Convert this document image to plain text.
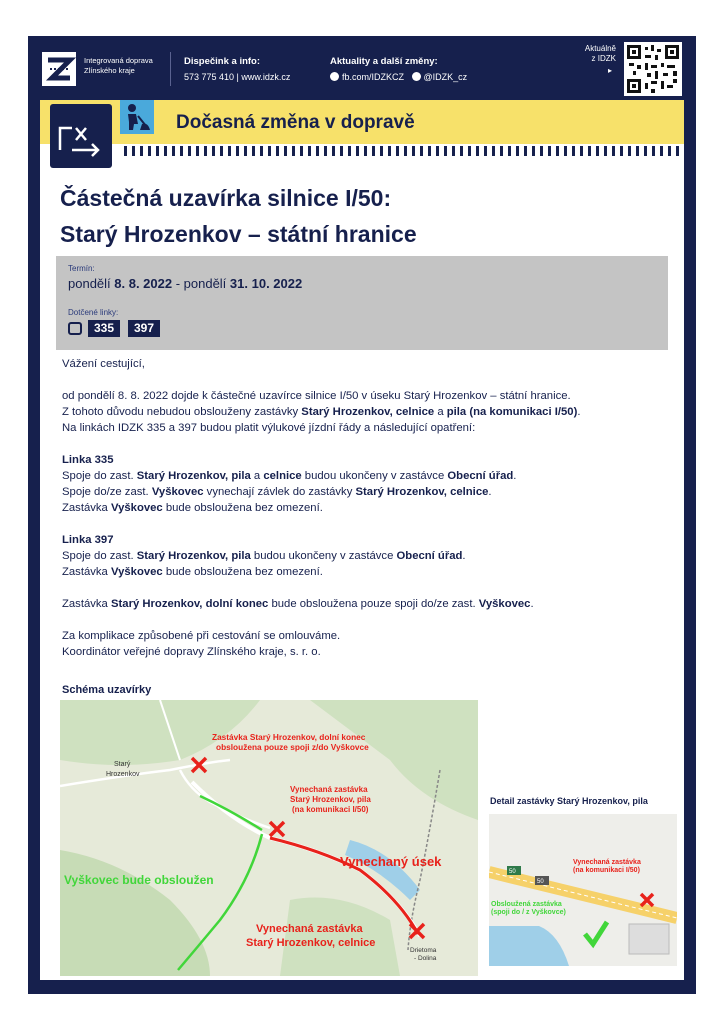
Integrovaná doprava
Zlínského kraje
Dispečink a info:
573 775 410 | www.idzk.cz
Aktuality a další změny:
fb.com/IDZKCZ @IDZK_cz
Aktuálně
z IDZK
▸
Dočasná změna v dopravě
Částečná uzavírka silnice I/50:
Starý Hrozenkov – státní hranice
Termín:
pondělí 8. 8. 2022 - pondělí 31. 10. 2022
Dotčené linky:
335	397

Vážení cestující,

od pondělí 8. 8. 2022 dojde k částečné uzavírce silnice I/50 v úseku Starý Hrozenkov – státní hranice.
Z tohoto důvodu nebudou obslouženy zastávky Starý Hrozenkov, celnice a pila (na komunikaci I/50).
Na linkách IDZK 335 a 397 budou platit výlukové jízdní řády a následující opatření:

Linka 335
Spoje do zast. Starý Hrozenkov, pila a celnice budou ukončeny v zastávce Obecní úřad.
Spoje do/ze zast. Vyškovec vynechají závlek do zastávky Starý Hrozenkov, celnice.
Zastávka Vyškovec bude obsloužena bez omezení.

Linka 397
Spoje do zast. Starý Hrozenkov, pila budou ukončeny v zastávce Obecní úřad.
Zastávka Vyškovec bude obsloužena bez omezení.

Zastávka Starý Hrozenkov, dolní konec bude obsloužena pouze spoji do/ze zast. Vyškovec.

Za komplikace způsobené při cestování se omlouváme.
Koordinátor veřejné dopravy Zlínského kraje, s. r. o.

Schéma uzavírky
Starý Hrozenkov
Zastávka Starý Hrozenkov, dolní konec obsloužena pouze spoji z/do Vyškovce
Vynechaná zastávka Starý Hrozenkov, pila (na komunikaci I/50)
Vynechaný úsek
Vyškovec bude obsloužen
Vynechaná zastávka Starý Hrozenkov, celnice
Drietoma - Dolina
Detail zastávky Starý Hrozenkov, pila
50
50
Vynechaná zastávka (na komunikaci I/50)
Obsloužená zastávka (spoji do / z Vyškovce)
